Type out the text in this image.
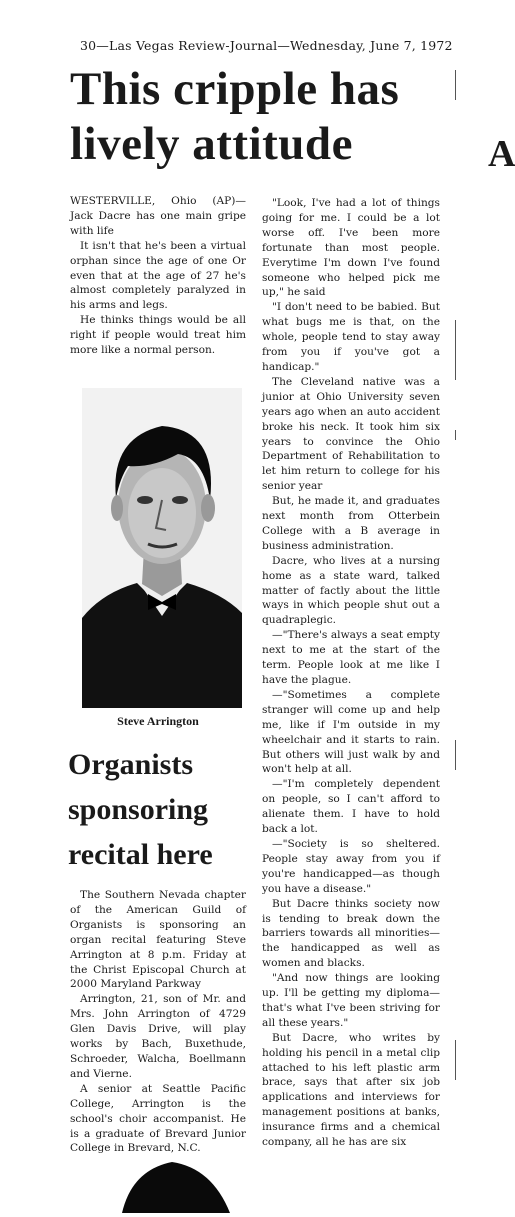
30—Las Vegas Review-Journal—Wednesday, June 7, 1972
This cripple has lively attitude	A

WESTERVILLE, Ohio (AP)— Jack Dacre has one main gripe with life

It isn't that he's been a virtual orphan since the age of one Or even that at the age of 27 he's almost completely paralyzed in his arms and legs.

He thinks things would be all right if people would treat him more like a normal person.

Steve Arrington
Organists sponsoring recital here

The Southern Nevada chapter of the American Guild of Organists is sponsoring an organ recital featuring Steve Arrington at 8 p.m. Friday at the Christ Episcopal Church at 2000 Maryland Parkway

Arrington, 21, son of Mr. and Mrs. John Arrington of 4729 Glen Davis Drive, will play works by Bach, Buxethude, Schroeder, Walcha, Boellmann and Vierne.

A senior at Seattle Pacific College, Arrington is the school's choir accompanist. He is a graduate of Brevard Junior College in Brevard, N.C.

"Look, I've had a lot of things going for me. I could be a lot worse off. I've been more fortunate than most people. Everytime I'm down I've found someone who helped pick me up," he said

"I don't need to be babied. But what bugs me is that, on the whole, people tend to stay away from you if you've got a handicap."

The Cleveland native was a junior at Ohio University seven years ago when an auto accident broke his neck. It took him six years to convince the Ohio Department of Rehabilitation to let him return to college for his senior year

But, he made it, and graduates next month from Otterbein College with a B average in business administration.

Dacre, who lives at a nursing home as a state ward, talked matter of factly about the little ways in which people shut out a quadraplegic.

—"There's always a seat empty next to me at the start of the term. People look at me like I have the plague.

—"Sometimes a complete stranger will come up and help me, like if I'm outside in my wheelchair and it starts to rain. But others will just walk by and won't help at all.

—"I'm completely dependent on people, so I can't afford to alienate them. I have to hold back a lot.

—"Society is so sheltered. People stay away from you if you're handicapped—as though you have a disease."

But Dacre thinks society now is tending to break down the barriers towards all minorities—the handicapped as well as women and blacks.

"And now things are looking up. I'll be getting my diploma—that's what I've been striving for all these years."

But Dacre, who writes by holding his pencil in a metal clip attached to his left plastic arm brace, says that after six job applications and interviews for management positions at banks, insurance firms and a chemical company, all he has are six
